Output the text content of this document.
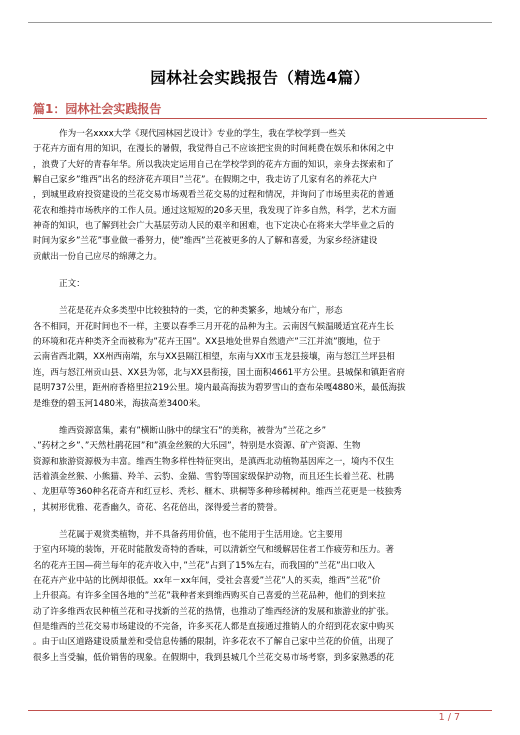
园林社会实践报告（精选4篇）
篇1：园林社会实践报告
作为一名xxxx大学《现代园林园艺设计》专业的学生，我在学校学到一些关
于花卉方面有用的知识，在漫长的暑假，我觉得自己不应该把宝贵的时间耗费在娱乐和休闲之中
，浪费了大好的青春年华。所以我决定运用自己在学校学到的花卉方面的知识，亲身去探索和了
解自己家乡”维西”出名的经济花卉项目”兰花”。在假期之中，我走访了几家有名的养花大户
，到城里政府投资建设的兰花交易市场观看兰花交易的过程和情况，并询问了市场里卖花的普通
花农和维持市场秩序的工作人员。通过这短短的20多天里，我发现了许多自然，科学，艺术方面
神奇的知识，也了解到社会广大基层劳动人民的艰辛和困难，也下定决心在将来大学毕业之后的
时间为家乡”兰花”事业做一番努力，使”维西”兰花被更多的人了解和喜爱，为家乡经济建设
贡献出一份自己应尽的绵薄之力。
正文：
兰花是花卉众多类型中比较独特的一类，它的种类繁多，地域分布广，形态
各不相同，开花时间也不一样，主要以春季三月开花的品种为主。云南因气候温暖适宜花卉生长
的环境和花卉种类齐全而被称为”花卉王国”。XX县地处世界自然遗产”三江并流”腹地，位于
云南省西北隅，XX州西南端，东与XX县隔江相望，东南与XX市玉龙县接壤，南与怒江兰坪县相
连，西与怒江州贡山县、XX县为邻，北与XX县衔接，国土面积4661平方公里。县城保和镇距省府
昆明737公里，距州府香格里拉219公里。境内最高海拔为碧罗雪山的查布朵嘎4880米，最低海拔
是维登的碧玉河1480米，海拔高差3400米。
维西资源富集，素有”横断山脉中的绿宝石”的美称，被誉为”兰花之乡”
、”药材之乡”、”天然杜鹃花园”和”滇金丝猴的大乐园”，特别是水资源、矿产资源、生物
资源和旅游资源极为丰富。维西生物多样性特征突出，是滇西北动植物基因库之一，境内不仅生
活着滇金丝猴、小熊猫、羚羊、云豹、金猫、雪豹等国家级保护动物，而且还生长着兰花、杜鹃
、龙胆草等360种名花奇卉和红豆杉、秃杉、榧木、珙桐等多种珍稀树种。维西兰花更是一枝独秀
，其树形优雅、花香幽久，奇花、名花倍出，深得爱兰者的赞誉。
兰花属于观赏类植物，并不具备药用价值，也不能用于生活用途。它主要用
于室内环境的装饰，开花时能散发奇特的香味，可以清新空气和缓解居住者工作疲劳和压力。著
名的花卉王国—荷兰每年的花卉收入中，”兰花”占到了15%左右，而我国的”兰花”出口收入
在花卉产业中站的比例却很低。xx年－xx年间，受社会喜爱”兰花”人的买卖，维西”兰花”价
上升很高。有许多全国各地的”兰花”栽种者来到维西购买自己喜爱的兰花品种，他们的到来拉
动了许多维西农民种植兰花和寻找新的兰花的热情，也推动了维西经济的发展和旅游业的扩张。
但是维西的兰花交易市场建设的不完备，许多买花人都是直接通过推销人的介绍到花农家中购买
。由于山区道路建设质量差和受信息传播的限制，许多花农不了解自己家中兰花的价值，出现了
很多上当受骗，低价销售的现象。在假期中，我到县城几个兰花交易市场考察，到多家熟悉的花
1 / 7
